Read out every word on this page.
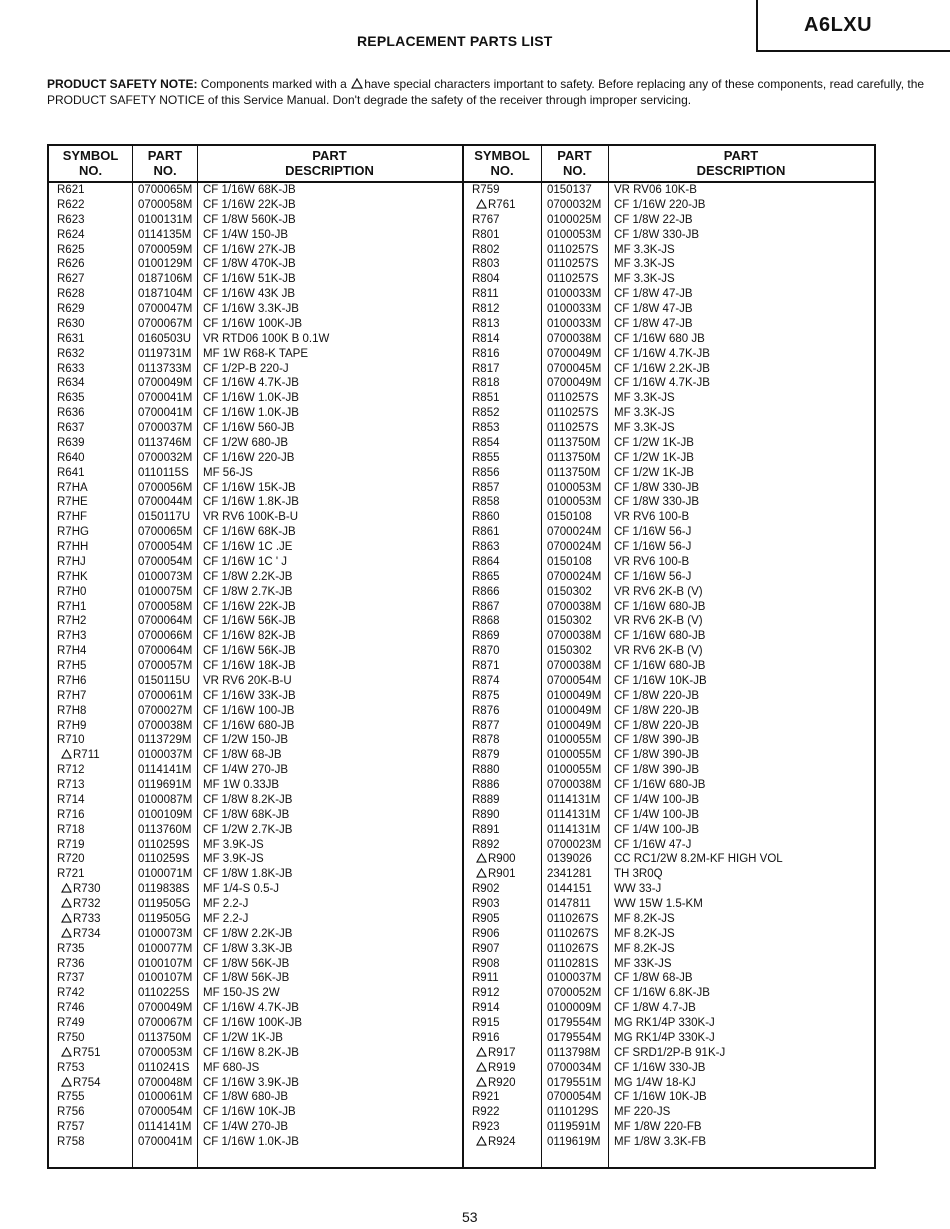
A6LXU
REPLACEMENT PARTS LIST
PRODUCT SAFETY NOTE: Components marked with a have special characters important to safety. Before replacing any of these components, read carefully, the PRODUCT SAFETY NOTICE of this Service Manual. Don't degrade the safety of the receiver through improper servicing.
SYMBOL
NO.
PART
NO.
PART
DESCRIPTION
SYMBOL
NO.
PART
NO.
PART
DESCRIPTION
R621
R622
R623
R624
R625
R626
R627
R628
R629
R630
R631
R632
R633
R634
R635
R636
R637
R639
R640
R641
R7HA
R7HE
R7HF
R7HG
R7HH
R7HJ
R7HK
R7H0
R7H1
R7H2
R7H3
R7H4
R7H5
R7H6
R7H7
R7H8
R7H9
R710
R711
R712
R713
R714
R716
R718
R719
R720
R721
R730
R732
R733
R734
R735
R736
R737
R742
R746
R749
R750
R751
R753
R754
R755
R756
R757
R758
0700065M
0700058M
0100131M
0114135M
0700059M
0100129M
0187106M
0187104M
0700047M
0700067M
0160503U
0119731M
0113733M
0700049M
0700041M
0700041M
0700037M
0113746M
0700032M
0110115S
0700056M
0700044M
0150117U
0700065M
0700054M
0700054M
0100073M
0100075M
0700058M
0700064M
0700066M
0700064M
0700057M
0150115U
0700061M
0700027M
0700038M
0113729M
0100037M
0114141M
0119691M
0100087M
0100109M
0113760M
0110259S
0110259S
0100071M
0119838S
0119505G
0119505G
0100073M
0100077M
0100107M
0100107M
0110225S
0700049M
0700067M
0113750M
0700053M
0110241S
0700048M
0100061M
0700054M
0114141M
0700041M
CF 1/16W 68K-JB
CF 1/16W 22K-JB
CF 1/8W 560K-JB
CF 1/4W 150-JB
CF 1/16W 27K-JB
CF 1/8W 470K-JB
CF 1/16W 51K-JB
CF 1/16W 43K JB
CF 1/16W 3.3K-JB
CF 1/16W 100K-JB
VR RTD06 100K B 0.1W
MF 1W R68-K TAPE
CF 1/2P-B 220-J
CF 1/16W 4.7K-JB
CF 1/16W 1.0K-JB
CF 1/16W 1.0K-JB
CF 1/16W 560-JB
CF 1/2W 680-JB
CF 1/16W 220-JB
MF 56-JS
CF 1/16W 15K-JB
CF 1/16W 1.8K-JB
VR RV6 100K-B-U
CF 1/16W 68K-JB
CF 1/16W 1C .JE
CF 1/16W 1C ' J
CF 1/8W 2.2K-JB
CF 1/8W 2.7K-JB
CF 1/16W 22K-JB
CF 1/16W 56K-JB
CF 1/16W 82K-JB
CF 1/16W 56K-JB
CF 1/16W 18K-JB
VR RV6 20K-B-U
CF 1/16W 33K-JB
CF 1/16W 100-JB
CF 1/16W 680-JB
CF 1/2W 150-JB
CF 1/8W 68-JB
CF 1/4W 270-JB
MF 1W 0.33JB
CF 1/8W 8.2K-JB
CF 1/8W 68K-JB
CF 1/2W 2.7K-JB
MF 3.9K-JS
MF 3.9K-JS
CF 1/8W 1.8K-JB
MF 1/4-S 0.5-J
MF 2.2-J
MF 2.2-J
CF 1/8W 2.2K-JB
CF 1/8W 3.3K-JB
CF 1/8W 56K-JB
CF 1/8W 56K-JB
MF 150-JS 2W
CF 1/16W 4.7K-JB
CF 1/16W 100K-JB
CF 1/2W 1K-JB
CF 1/16W 8.2K-JB
MF 680-JS
CF 1/16W 3.9K-JB
CF 1/8W 680-JB
CF 1/16W 10K-JB
CF 1/4W 270-JB
CF 1/16W 1.0K-JB
R759
R761
R767
R801
R802
R803
R804
R811
R812
R813
R814
R816
R817
R818
R851
R852
R853
R854
R855
R856
R857
R858
R860
R861
R863
R864
R865
R866
R867
R868
R869
R870
R871
R874
R875
R876
R877
R878
R879
R880
R886
R889
R890
R891
R892
R900
R901
R902
R903
R905
R906
R907
R908
R911
R912
R914
R915
R916
R917
R919
R920
R921
R922
R923
R924
0150137
0700032M
0100025M
0100053M
0110257S
0110257S
0110257S
0100033M
0100033M
0100033M
0700038M
0700049M
0700045M
0700049M
0110257S
0110257S
0110257S
0113750M
0113750M
0113750M
0100053M
0100053M
0150108
0700024M
0700024M
0150108
0700024M
0150302
0700038M
0150302
0700038M
0150302
0700038M
0700054M
0100049M
0100049M
0100049M
0100055M
0100055M
0100055M
0700038M
0114131M
0114131M
0114131M
0700023M
0139026
2341281
0144151
0147811
0110267S
0110267S
0110267S
0110281S
0100037M
0700052M
0100009M
0179554M
0179554M
0113798M
0700034M
0179551M
0700054M
0110129S
0119591M
0119619M
VR RV06 10K-B
CF 1/16W 220-JB
CF 1/8W 22-JB
CF 1/8W 330-JB
MF 3.3K-JS
MF 3.3K-JS
MF 3.3K-JS
CF 1/8W 47-JB
CF 1/8W 47-JB
CF 1/8W 47-JB
CF 1/16W 680 JB
CF 1/16W 4.7K-JB
CF 1/16W 2.2K-JB
CF 1/16W 4.7K-JB
MF 3.3K-JS
MF 3.3K-JS
MF 3.3K-JS
CF 1/2W 1K-JB
CF 1/2W 1K-JB
CF 1/2W 1K-JB
CF 1/8W 330-JB
CF 1/8W 330-JB
VR RV6 100-B
CF 1/16W 56-J
CF 1/16W 56-J
VR RV6 100-B
CF 1/16W 56-J
VR RV6 2K-B (V)
CF 1/16W 680-JB
VR RV6 2K-B (V)
CF 1/16W 680-JB
VR RV6 2K-B (V)
CF 1/16W 680-JB
CF 1/16W 10K-JB
CF 1/8W 220-JB
CF 1/8W 220-JB
CF 1/8W 220-JB
CF 1/8W 390-JB
CF 1/8W 390-JB
CF 1/8W 390-JB
CF 1/16W 680-JB
CF 1/4W 100-JB
CF 1/4W 100-JB
CF 1/4W 100-JB
CF 1/16W 47-J
CC RC1/2W 8.2M-KF HIGH VOL
TH 3R0Q
WW 33-J
WW 15W 1.5-KM
MF 8.2K-JS
MF 8.2K-JS
MF 8.2K-JS
MF 33K-JS
CF 1/8W 68-JB
CF 1/16W 6.8K-JB
CF 1/8W 4.7-JB
MG RK1/4P 330K-J
MG RK1/4P 330K-J
CF SRD1/2P-B 91K-J
CF 1/16W 330-JB
MG 1/4W 18-KJ
CF 1/16W 10K-JB
MF 220-JS
MF 1/8W 220-FB
MF 1/8W 3.3K-FB
53
